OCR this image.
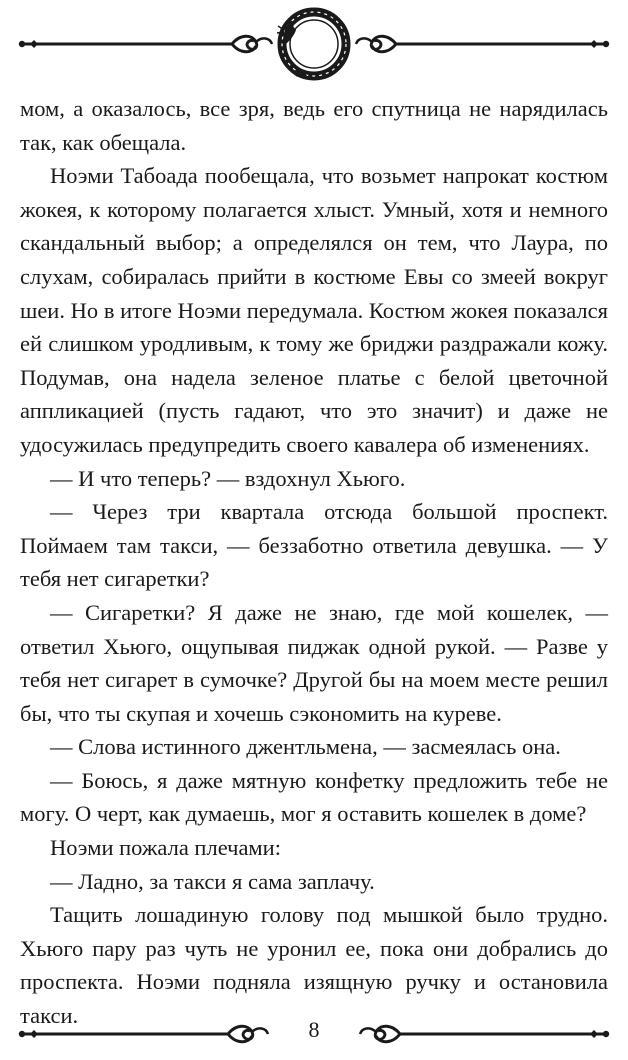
мом, а оказалось, все зря, ведь его спутница не нарядилась так, как обещала.

Ноэми Табоада пообещала, что возьмет напрокат костюм жокея, к которому полагается хлыст. Умный, хотя и немного скандальный выбор; а определялся он тем, что Лаура, по слухам, собиралась прийти в костюме Евы со змеей вокруг шеи. Но в итоге Ноэми передумала. Костюм жокея показался ей слишком уродливым, к тому же бриджи раздражали кожу. Подумав, она надела зеленое платье с белой цветочной аппликацией (пусть гадают, что это значит) и даже не удосужилась предупредить своего кавалера об изменениях.

— И что теперь? — вздохнул Хьюго.

— Через три квартала отсюда большой проспект. Поймаем там такси, — беззаботно ответила девушка. — У тебя нет сигаретки?

— Сигаретки? Я даже не знаю, где мой кошелек, — ответил Хьюго, ощупывая пиджак одной рукой. — Разве у тебя нет сигарет в сумочке? Другой бы на моем месте решил бы, что ты скупая и хочешь сэкономить на куреве.

— Слова истинного джентльмена, — засмеялась она.

— Боюсь, я даже мятную конфетку предложить тебе не могу. О черт, как думаешь, мог я оставить кошелек в доме?

Ноэми пожала плечами:

— Ладно, за такси я сама заплачу.

Тащить лошадиную голову под мышкой было трудно. Хьюго пару раз чуть не уронил ее, пока они добрались до проспекта. Ноэми подняла изящную ручку и остановила такси.

8
